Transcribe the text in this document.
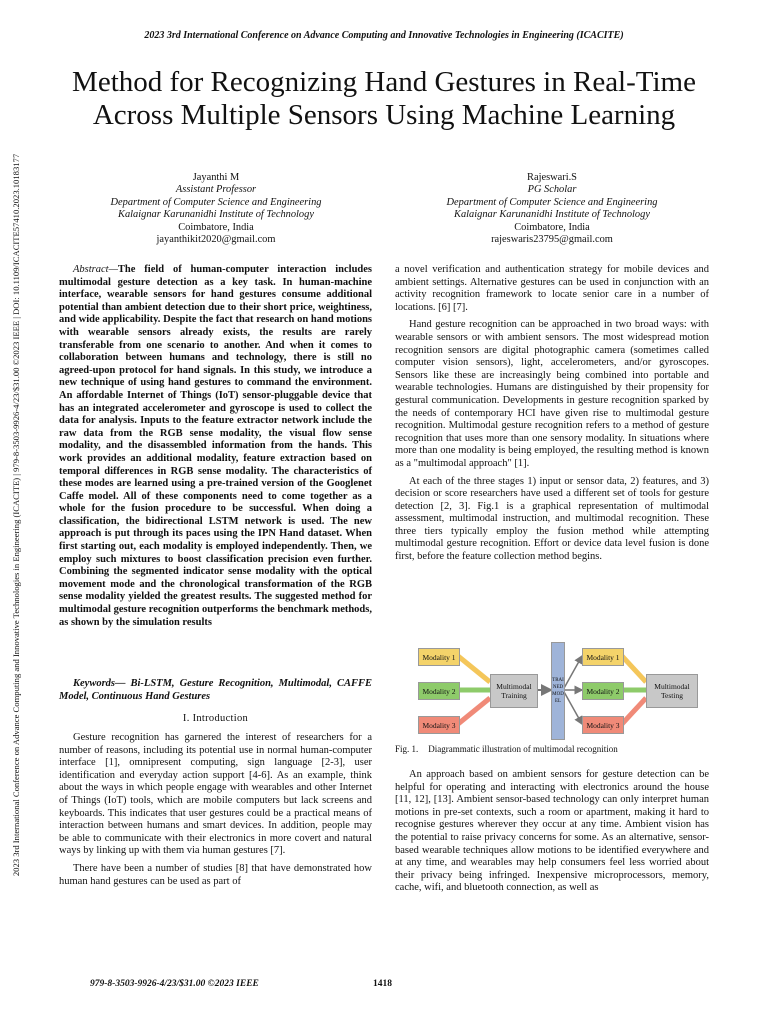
2023 3rd International Conference on Advance Computing and Innovative Technologies in Engineering (ICACITE)
2023 3rd International Conference on Advance Computing and Innovative Technologies in Engineering (ICACITE) | 979-8-3503-9926-4/23/$31.00 ©2023 IEEE | DOI: 10.1109/ICACITE57410.2023.10183177
Method for Recognizing Hand Gestures in Real-Time Across Multiple Sensors Using Machine Learning
Jayanthi M
Assistant Professor
Department of Computer Science and Engineering
Kalaignar Karunanidhi Institute of Technology
Coimbatore, India
jayanthikit2020@gmail.com
Rajeswari.S
PG Scholar
Department of Computer Science and Engineering
Kalaignar Karunanidhi Institute of Technology
Coimbatore, India
rajeswaris23795@gmail.com

Abstract—The field of human-computer interaction includes multimodal gesture detection as a key task. In human-machine interface, wearable sensors for hand gestures consume additional potential than ambient detection due to their short price, weightiness, and wide applicability. Despite the fact that research on hand motions with wearable sensors already exists, the results are rarely transferable from one scenario to another. And when it comes to collaboration between humans and technology, there is still no agreed-upon protocol for hand signals. In this study, we introduce a new technique of using hand gestures to command the environment. An affordable Internet of Things (IoT) sensor-pluggable device that has an integrated accelerometer and gyroscope is used to collect the data for analysis. Inputs to the feature extractor network include the raw data from the RGB sense modality, the visual flow sense modality, and the disassembled information from the hands. This work provides an additional modality, feature extraction based on temporal differences in RGB sense modality. The characteristics of these modes are learned using a pre-trained version of the Googlenet Caffe model. All of these components need to come together as a whole for the fusion procedure to be successful. When doing a classification, the bidirectional LSTM network is used. The new approach is put through its paces using the IPN Hand dataset. When first starting out, each modality is employed independently. Then, we employ such mixtures to boost classification precision even further. Combining the segmented indicator sense modality with the optical movement mode and the chronological transformation of the RGB sense modality yielded the greatest results. The suggested method for multimodal gesture recognition outperforms the benchmark methods, as shown by the simulation results

Keywords— Bi-LSTM, Gesture Recognition, Multimodal, CAFFE Model, Continuous Hand Gestures

I. Introduction

Gesture recognition has garnered the interest of researchers for a number of reasons, including its potential use in normal human-computer interface [1], omnipresent computing, sign language [2-3], user identification and everyday action support [4-6]. As an example, think about the ways in which people engage with wearables and other Internet of Things (IoT) tools, which are mobile computers but lack screens and keyboards. This indicates that user gestures could be a practical means of interaction between humans and smart devices. In addition, people may be able to communicate with their electronics in more covert and natural ways by linking up with them via human gestures [7].

There have been a number of studies [8] that have demonstrated how human hand gestures can be used as part of

a novel verification and authentication strategy for mobile devices and ambient settings. Alternative gestures can be used in conjunction with an activity recognition framework to locate senior care in a number of locations. [6] [7].

Hand gesture recognition can be approached in two broad ways: with wearable sensors or with ambient sensors. The most widespread motion recognition sensors are digital photographic camera (sometimes called computer vision sensors), light, accelerometers, and/or gyroscopes. Sensors like these are increasingly being combined into portable and wearable technologies. Humans are distinguished by their propensity for gestural communication. Developments in gesture recognition sparked by the needs of contemporary HCI have given rise to multimodal gesture recognition. Multimodal gesture recognition refers to a method of gesture recognition that uses more than one sensory modality. In situations where more than one modality is being employed, the resulting method is known as a "multimodal approach" [1].

At each of the three stages 1) input or sensor data, 2) features, and 3) decision or score researchers have used a different set of tools for gesture detection [2, 3]. Fig.1 is a graphical representation of multimodal assessment, multimodal instruction, and multimodal recognition. These three tiers typically employ the fusion method while attempting multimodal gesture recognition. Effort or device data level fusion is done first, before the feature collection method begins.

Modality 1
Modality 2
Modality 3
Multimodal Training
TRAINED MODEL
Modality 1
Modality 2
Modality 3
Multimodal Testing
Fig. 1. Diagrammatic illustration of multimodal recognition

An approach based on ambient sensors for gesture detection can be helpful for operating and interacting with electronics around the house [11, 12], [13]. Ambient sensor-based technology can only interpret human motions in pre-set contexts, such a room or apartment, making it hard to recognise gestures wherever they occur at any time. Ambient vision has the potential to raise privacy concerns for some. As an alternative, sensor-based wearable techniques allow motions to be identified everywhere and at any time, and wearables may help consumers feel less worried about their privacy being infringed. Inexpensive microprocessors, memory, cache, wifi, and bluetooth connection, as well as

979-8-3503-9926-4/23/$31.00 ©2023 IEEE	1418
